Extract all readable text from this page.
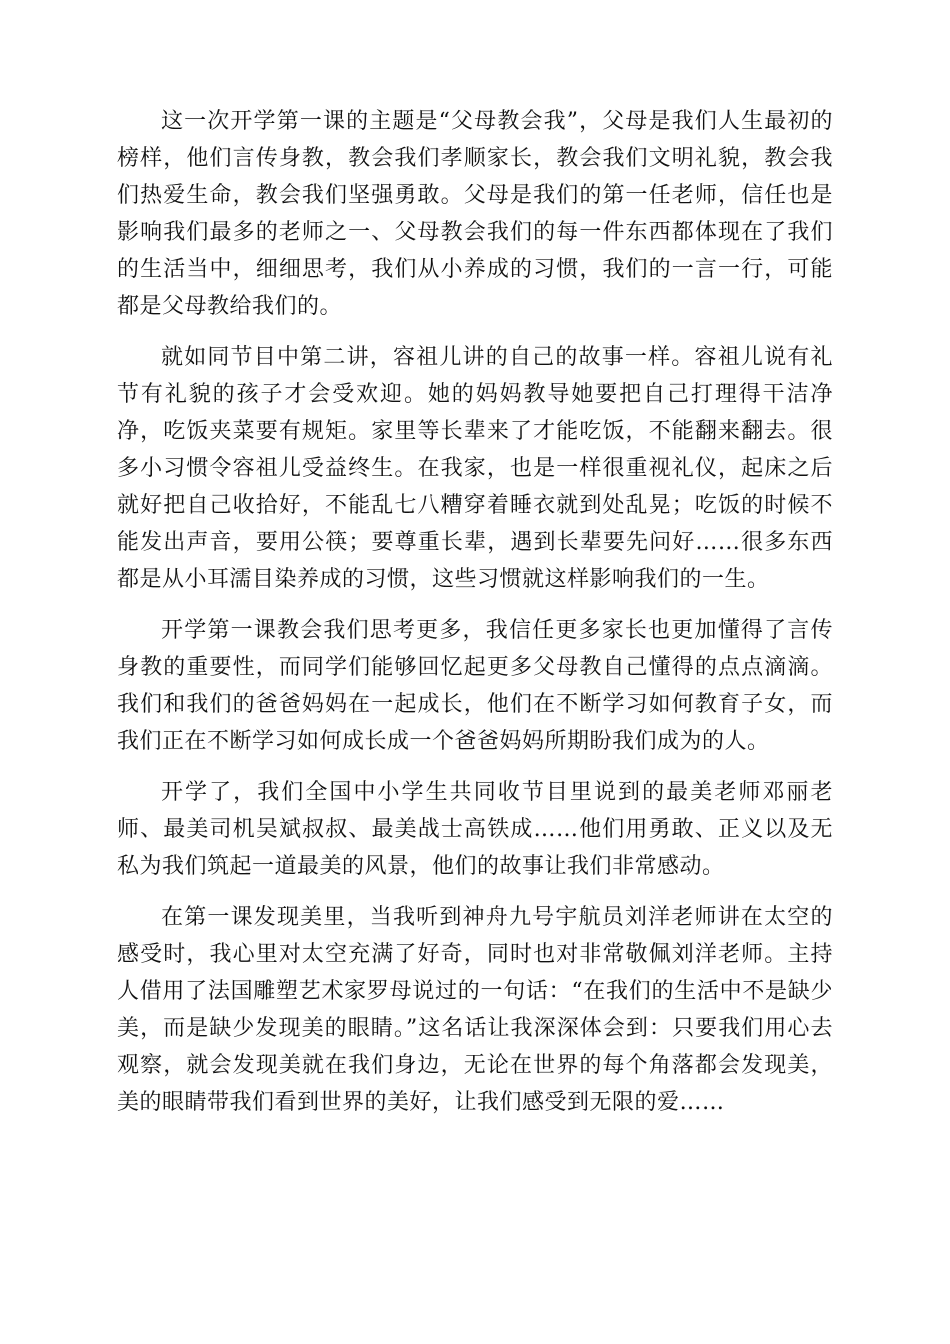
这一次开学第一课的主题是“父母教会我”，父母是我们人生最初的榜样，他们言传身教，教会我们孝顺家长，教会我们文明礼貌，教会我们热爱生命，教会我们坚强勇敢。父母是我们的第一任老师，信任也是影响我们最多的老师之一、父母教会我们的每一件东西都体现在了我们的生活当中，细细思考，我们从小养成的习惯，我们的一言一行，可能都是父母教给我们的。

就如同节目中第二讲，容祖儿讲的自己的故事一样。容祖儿说有礼节有礼貌的孩子才会受欢迎。她的妈妈教导她要把自己打理得干洁净净，吃饭夹菜要有规矩。家里等长辈来了才能吃饭，不能翻来翻去。很多小习惯令容祖儿受益终生。在我家，也是一样很重视礼仪，起床之后就好把自己收拾好，不能乱七八糟穿着睡衣就到处乱晃；吃饭的时候不能发出声音，要用公筷；要尊重长辈，遇到长辈要先问好……很多东西都是从小耳濡目染养成的习惯，这些习惯就这样影响我们的一生。

开学第一课教会我们思考更多，我信任更多家长也更加懂得了言传身教的重要性，而同学们能够回忆起更多父母教自己懂得的点点滴滴。我们和我们的爸爸妈妈在一起成长，他们在不断学习如何教育子女，而我们正在不断学习如何成长成一个爸爸妈妈所期盼我们成为的人。

开学了，我们全国中小学生共同收节目里说到的最美老师邓丽老师、最美司机吴斌叔叔、最美战士高铁成……他们用勇敢、正义以及无私为我们筑起一道最美的风景，他们的故事让我们非常感动。

在第一课发现美里，当我听到神舟九号宇航员刘洋老师讲在太空的感受时，我心里对太空充满了好奇，同时也对非常敬佩刘洋老师。主持人借用了法国雕塑艺术家罗母说过的一句话：“在我们的生活中不是缺少美，而是缺少发现美的眼睛。”这名话让我深深体会到：只要我们用心去观察，就会发现美就在我们身边，无论在世界的每个角落都会发现美，美的眼睛带我们看到世界的美好，让我们感受到无限的爱……
